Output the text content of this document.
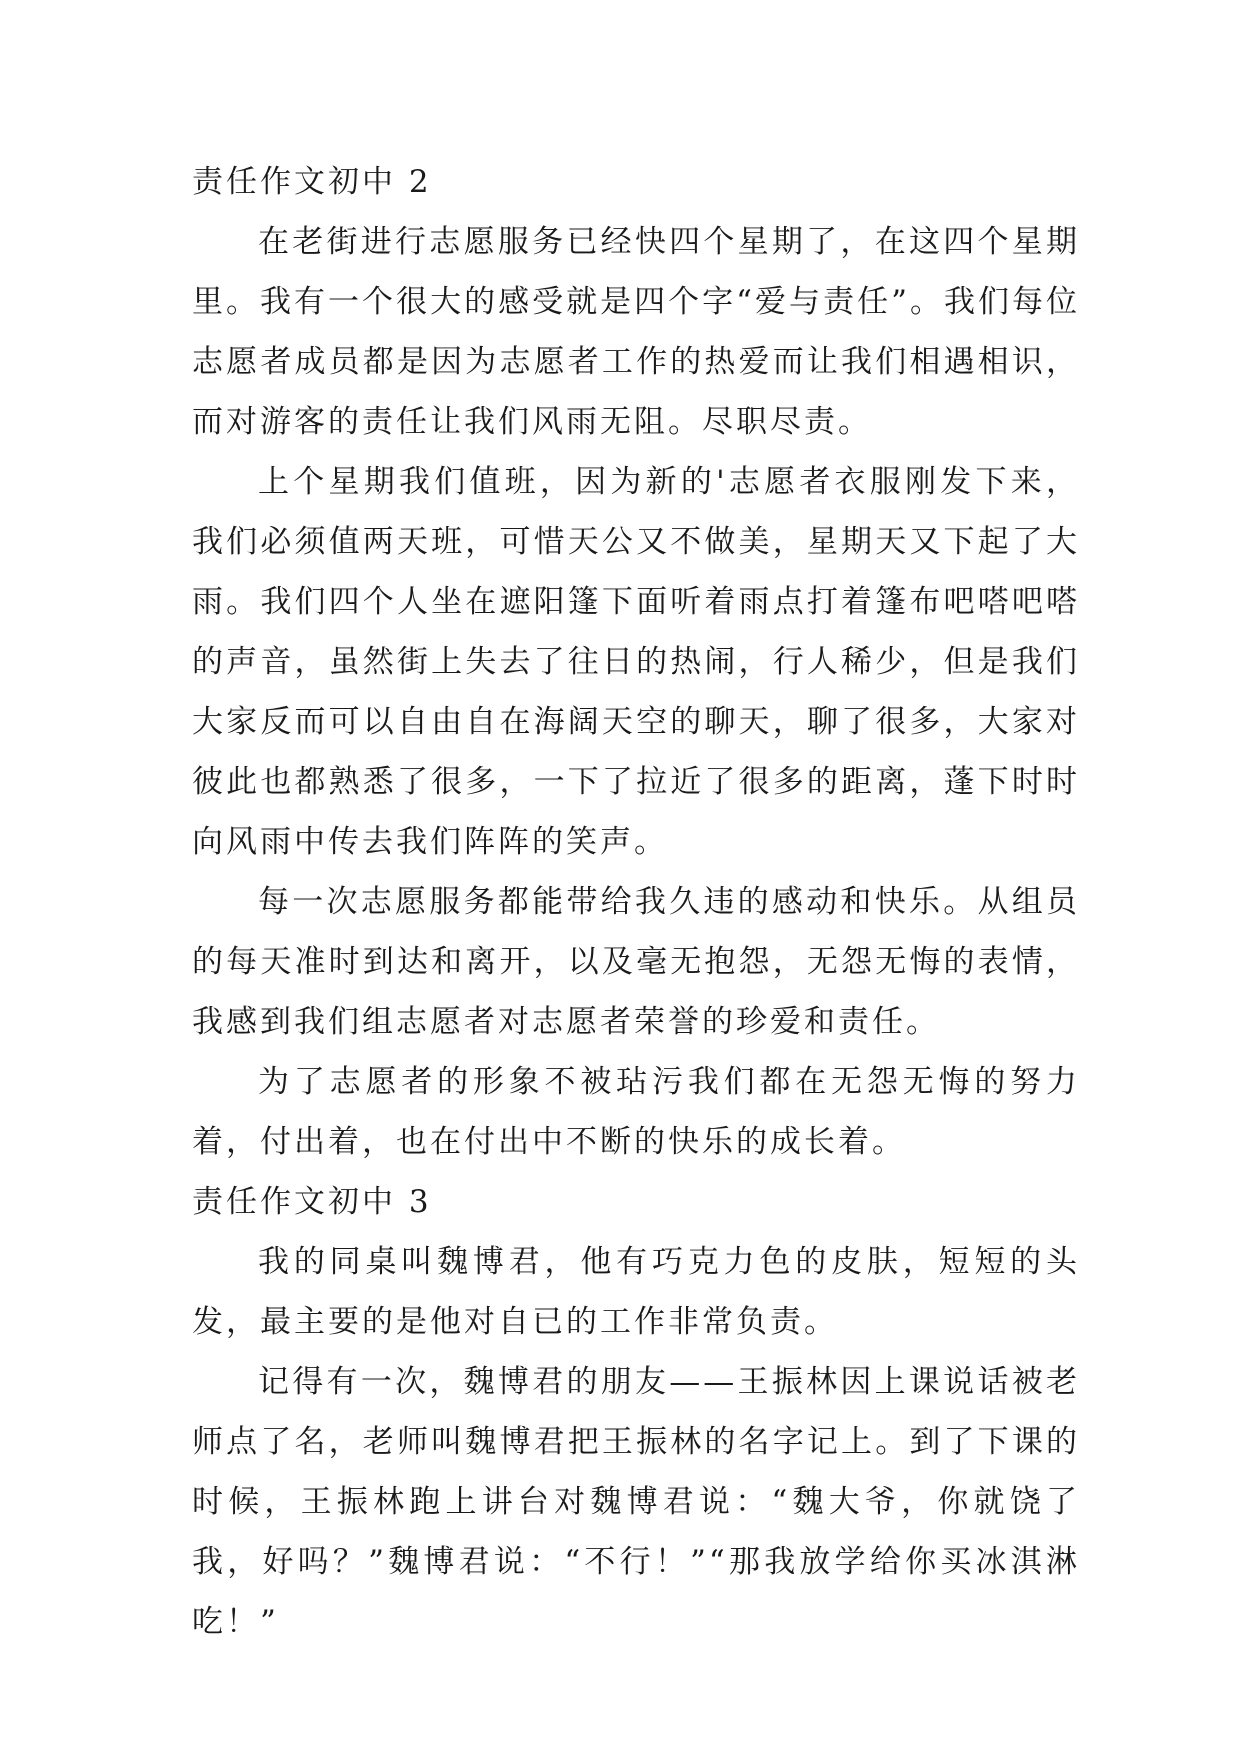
责任作文初中 2

在老街进行志愿服务已经快四个星期了，在这四个星期里。我有一个很大的感受就是四个字“爱与责任”。我们每位志愿者成员都是因为志愿者工作的热爱而让我们相遇相识，而对游客的责任让我们风雨无阻。尽职尽责。

上个星期我们值班，因为新的'志愿者衣服刚发下来，我们必须值两天班，可惜天公又不做美，星期天又下起了大雨。我们四个人坐在遮阳篷下面听着雨点打着篷布吧嗒吧嗒的声音，虽然街上失去了往日的热闹，行人稀少，但是我们大家反而可以自由自在海阔天空的聊天，聊了很多，大家对彼此也都熟悉了很多，一下了拉近了很多的距离，蓬下时时向风雨中传去我们阵阵的笑声。

每一次志愿服务都能带给我久违的感动和快乐。从组员的每天准时到达和离开，以及毫无抱怨，无怨无悔的表情，我感到我们组志愿者对志愿者荣誉的珍爱和责任。

为了志愿者的形象不被玷污我们都在无怨无悔的努力着，付出着，也在付出中不断的快乐的成长着。

责任作文初中 3

我的同桌叫魏博君，他有巧克力色的皮肤，短短的头发，最主要的是他对自已的工作非常负责。

记得有一次，魏博君的朋友——王振林因上课说话被老师点了名，老师叫魏博君把王振林的名字记上。到了下课的时候，王振林跑上讲台对魏博君说：“魏大爷，你就饶了我，好吗？”魏博君说：“不行！”“那我放学给你买冰淇淋吃！”
